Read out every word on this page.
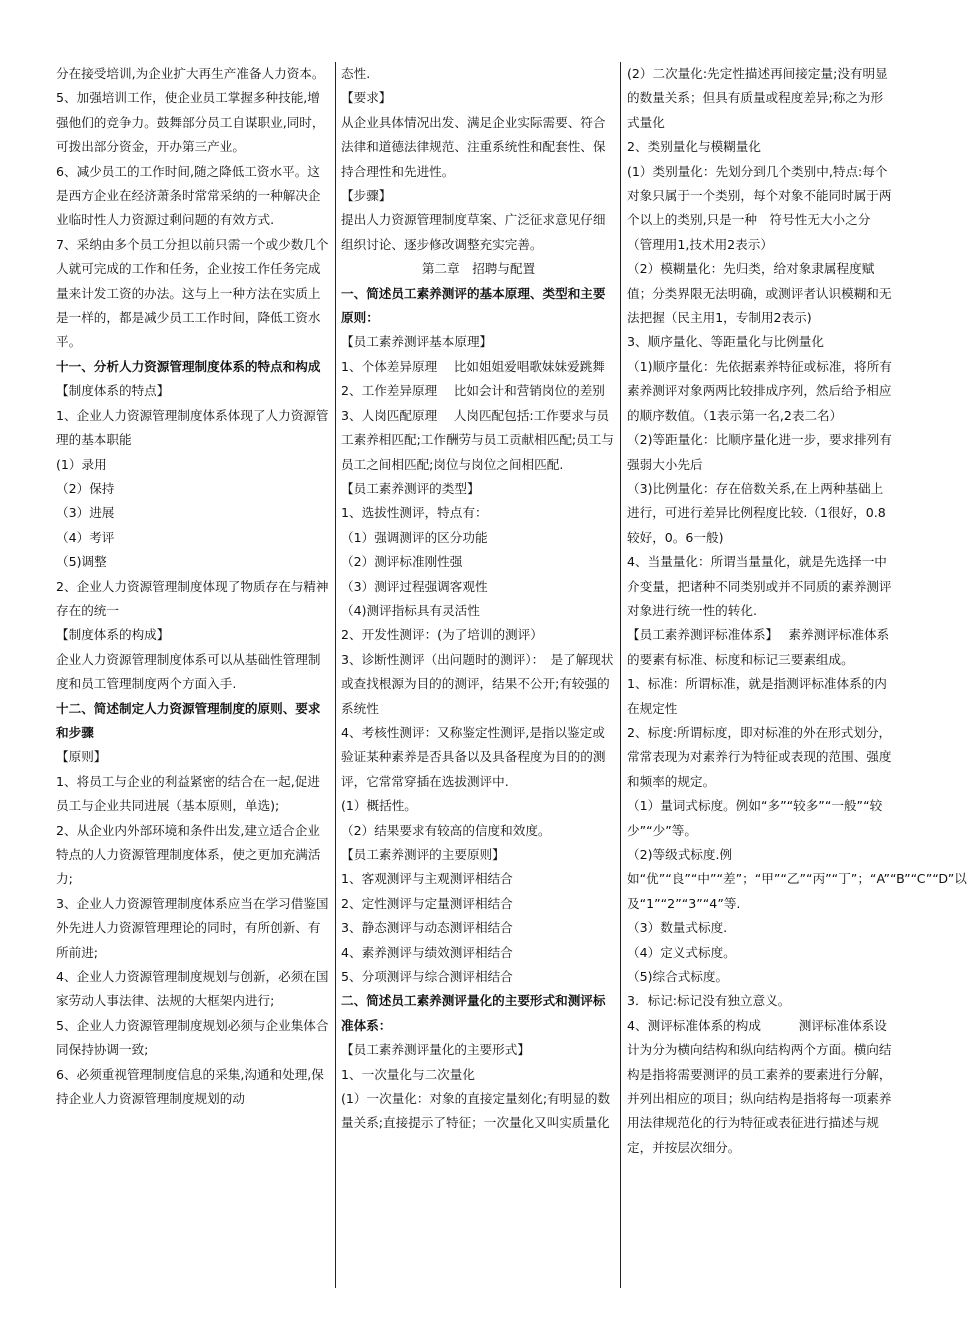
分在接受培训,为企业扩大再生产准备人力资本。

5、加强培训工作，使企业员工掌握多种技能,增强他们的竞争力。鼓舞部分员工自谋职业,同时，可拨出部分资金，开办第三产业。

6、减少员工的工作时间,随之降低工资水平。这是西方企业在经济萧条时常常采纳的一种解决企业临时性人力资源过剩问题的有效方式.

7、采纳由多个员工分担以前只需一个或少数几个人就可完成的工作和任务，企业按工作任务完成量来计发工资的办法。这与上一种方法在实质上是一样的，都是减少员工工作时间，降低工资水平。

十一、分析人力资源管理制度体系的特点和构成

【制度体系的特点】

1、企业人力资源管理制度体系体现了人力资源管理的基本职能

(1）录用

（2）保持

（3）进展

（4）考评

（5)调整

2、企业人力资源管理制度体现了物质存在与精神存在的统一

【制度体系的构成】

企业人力资源管理制度体系可以从基础性管理制度和员工管理制度两个方面入手.

十二、简述制定人力资源管理制度的原则、要求和步骤

【原则】

1、将员工与企业的利益紧密的结合在一起,促进员工与企业共同进展（基本原则，单选);

2、从企业内外部环境和条件出发,建立适合企业特点的人力资源管理制度体系，使之更加充满活力;

3、企业人力资源管理制度体系应当在学习借鉴国外先进人力资源管理理论的同时，有所创新、有所前进;

4、企业人力资源管理制度规划与创新，必须在国家劳动人事法律、法规的大框架内进行;

5、企业人力资源管理制度规划必须与企业集体合同保持协调一致;

6、必须重视管理制度信息的采集,沟通和处理,保持企业人力资源管理制度规划的动

态性.

【要求】

从企业具体情况出发、满足企业实际需要、符合法律和道德法律规范、注重系统性和配套性、保持合理性和先进性。

【步骤】

提出人力资源管理制度草案、广泛征求意见仔细组织讨论、逐步修改调整充实完善。

第二章　招聘与配置

一、简述员工素养测评的基本原理、类型和主要原则：

【员工素养测评基本原理】

1、个体差异原理　 比如姐姐爱唱歌妹妹爱跳舞

2、工作差异原理　 比如会计和营销岗位的差别

3、人岗匹配原理　 人岗匹配包括:工作要求与员工素养相匹配;工作酬劳与员工贡献相匹配;员工与员工之间相匹配;岗位与岗位之间相匹配.

【员工素养测评的类型】

1、选拔性测评，特点有：

（1）强调测评的区分功能

（2）测评标准刚性强

（3）测评过程强调客观性

（4)测评指标具有灵活性

2、开发性测评：(为了培训的测评）

3、诊断性测评（出问题时的测评）：　是了解现状或查找根源为目的的测评，结果不公开;有较强的系统性

4、考核性测评：又称鉴定性测评,是指以鉴定或验证某种素养是否具备以及具备程度为目的的测评，它常常穿插在选拔测评中.

(1）概括性。

（2）结果要求有较高的信度和效度。

【员工素养测评的主要原则】

1、客观测评与主观测评相结合

2、定性测评与定量测评相结合

3、静态测评与动态测评相结合

4、素养测评与绩效测评相结合

5、分项测评与综合测评相结合

二、简述员工素养测评量化的主要形式和测评标准体系：

【员工素养测评量化的主要形式】

1、一次量化与二次量化

(1）一次量化：对象的直接定量刻化;有明显的数量关系;直接提示了特征；一次量化又叫实质量化

(2）二次量化:先定性描述再间接定量;没有明显的数量关系；但具有质量或程度差异;称之为形式量化

2、类别量化与模糊量化

(1）类别量化：先划分到几个类别中,特点:每个对象只属于一个类别，每个对象不能同时属于两个以上的类别,只是一种　符号性无大小之分（管理用1,技术用2表示）

（2）模糊量化：先归类，给对象隶属程度赋值；分类界限无法明确，或测评者认识模糊和无法把握（民主用1，专制用2表示)

3、顺序量化、等距量化与比例量化

（1)顺序量化：先依据素养特征或标准，将所有素养测评对象两两比较排成序列，然后给予相应的顺序数值。（1表示第一名,2表二名）

（2)等距量化：比顺序量化进一步，要求排列有强弱大小先后

（3)比例量化：存在倍数关系,在上两种基础上进行，可进行差异比例程度比较.（1很好，0.8较好，0。6一般)

4、当量量化：所谓当量量化，就是先选择一中介变量，把诸种不同类别或并不同质的素养测评对象进行统一性的转化.

【员工素养测评标准体系】　 素养测评标准体系的要素有标准、标度和标记三要素组成。

1、标准：所谓标准，就是指测评标准体系的内在规定性

2、标度:所谓标度，即对标准的外在形式划分，常常表现为对素养行为特征或表现的范围、强度和频率的规定。

（1）量词式标度。例如“多”“较多”“一般”“较少”“少”等。

（2)等级式标度.例如“优”“良”“中”“差”；“甲”“乙”“丙”“丁”；“A”“B”“C”“D”以及“1”“2”“3”“4”等.

（3）数量式标度.

（4）定义式标度。

（5)综合式标度。

3．标记:标记没有独立意义。

4、测评标准体系的构成　　　测评标准体系设计为分为横向结构和纵向结构两个方面。横向结构是指将需要测评的员工素养的要素进行分解，并列出相应的项目；纵向结构是指将每一项素养 用法律规范化的行为特征或表征进行描述与规定，并按层次细分。
